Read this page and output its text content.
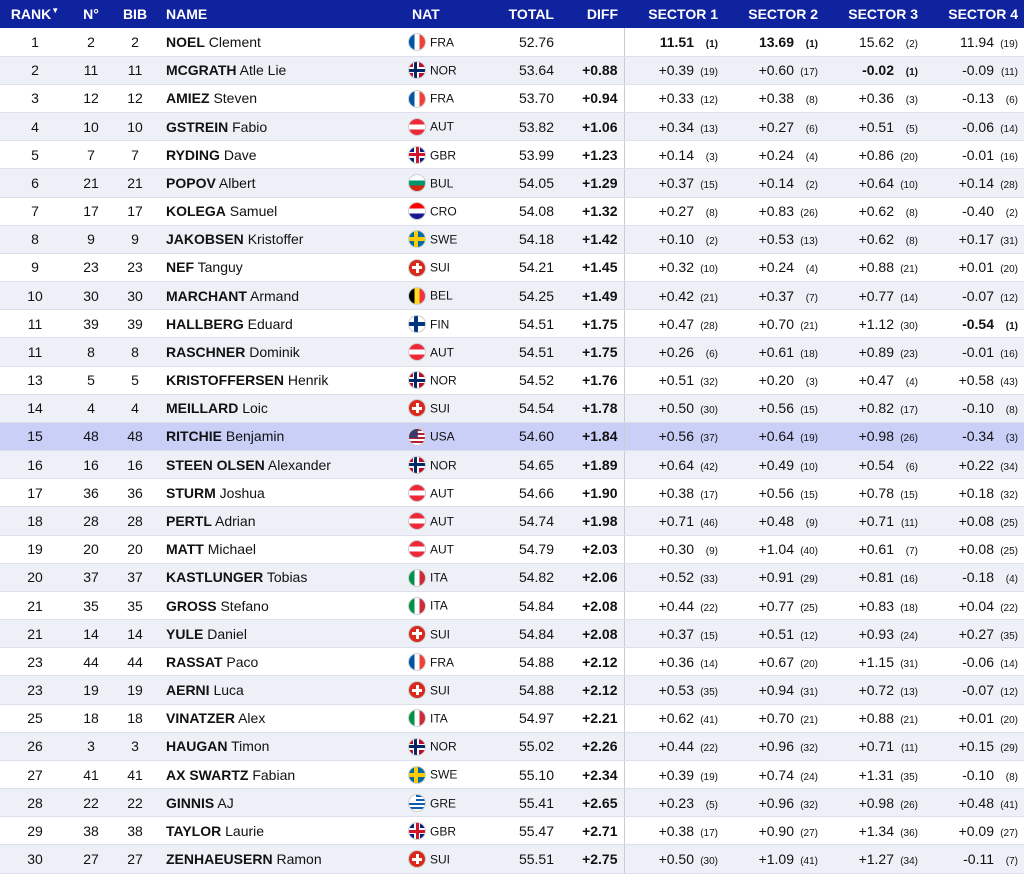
RANK▼	N°	BIB	NAME	NAT	TOTAL	DIFF	SECTOR 1	SECTOR 2	SECTOR 3	SECTOR 4
1	2	2	NOEL Clement	FRA	52.76		11.51 (1)	13.69 (1)	15.62 (2)	11.94 (19)
2	11	11	MCGRATH Atle Lie	NOR	53.64	+0.88	+0.39 (19)	+0.60 (17)	-0.02 (1)	-0.09 (11)
3	12	12	AMIEZ Steven	FRA	53.70	+0.94	+0.33 (12)	+0.38 (8)	+0.36 (3)	-0.13 (6)
4	10	10	GSTREIN Fabio	AUT	53.82	+1.06	+0.34 (13)	+0.27 (6)	+0.51 (5)	-0.06 (14)
5	7	7	RYDING Dave	GBR	53.99	+1.23	+0.14 (3)	+0.24 (4)	+0.86 (20)	-0.01 (16)
6	21	21	POPOV Albert	BUL	54.05	+1.29	+0.37 (15)	+0.14 (2)	+0.64 (10)	+0.14 (28)
7	17	17	KOLEGA Samuel	CRO	54.08	+1.32	+0.27 (8)	+0.83 (26)	+0.62 (8)	-0.40 (2)
8	9	9	JAKOBSEN Kristoffer	SWE	54.18	+1.42	+0.10 (2)	+0.53 (13)	+0.62 (8)	+0.17 (31)
9	23	23	NEF Tanguy	SUI	54.21	+1.45	+0.32 (10)	+0.24 (4)	+0.88 (21)	+0.01 (20)
10	30	30	MARCHANT Armand	BEL	54.25	+1.49	+0.42 (21)	+0.37 (7)	+0.77 (14)	-0.07 (12)
11	39	39	HALLBERG Eduard	FIN	54.51	+1.75	+0.47 (28)	+0.70 (21)	+1.12 (30)	-0.54 (1)
11	8	8	RASCHNER Dominik	AUT	54.51	+1.75	+0.26 (6)	+0.61 (18)	+0.89 (23)	-0.01 (16)
13	5	5	KRISTOFFERSEN Henrik	NOR	54.52	+1.76	+0.51 (32)	+0.20 (3)	+0.47 (4)	+0.58 (43)
14	4	4	MEILLARD Loic	SUI	54.54	+1.78	+0.50 (30)	+0.56 (15)	+0.82 (17)	-0.10 (8)
15	48	48	RITCHIE Benjamin	USA	54.60	+1.84	+0.56 (37)	+0.64 (19)	+0.98 (26)	-0.34 (3)
16	16	16	STEEN OLSEN Alexander	NOR	54.65	+1.89	+0.64 (42)	+0.49 (10)	+0.54 (6)	+0.22 (34)
17	36	36	STURM Joshua	AUT	54.66	+1.90	+0.38 (17)	+0.56 (15)	+0.78 (15)	+0.18 (32)
18	28	28	PERTL Adrian	AUT	54.74	+1.98	+0.71 (46)	+0.48 (9)	+0.71 (11)	+0.08 (25)
19	20	20	MATT Michael	AUT	54.79	+2.03	+0.30 (9)	+1.04 (40)	+0.61 (7)	+0.08 (25)
20	37	37	KASTLUNGER Tobias	ITA	54.82	+2.06	+0.52 (33)	+0.91 (29)	+0.81 (16)	-0.18 (4)
21	35	35	GROSS Stefano	ITA	54.84	+2.08	+0.44 (22)	+0.77 (25)	+0.83 (18)	+0.04 (22)
21	14	14	YULE Daniel	SUI	54.84	+2.08	+0.37 (15)	+0.51 (12)	+0.93 (24)	+0.27 (35)
23	44	44	RASSAT Paco	FRA	54.88	+2.12	+0.36 (14)	+0.67 (20)	+1.15 (31)	-0.06 (14)
23	19	19	AERNI Luca	SUI	54.88	+2.12	+0.53 (35)	+0.94 (31)	+0.72 (13)	-0.07 (12)
25	18	18	VINATZER Alex	ITA	54.97	+2.21	+0.62 (41)	+0.70 (21)	+0.88 (21)	+0.01 (20)
26	3	3	HAUGAN Timon	NOR	55.02	+2.26	+0.44 (22)	+0.96 (32)	+0.71 (11)	+0.15 (29)
27	41	41	AX SWARTZ Fabian	SWE	55.10	+2.34	+0.39 (19)	+0.74 (24)	+1.31 (35)	-0.10 (8)
28	22	22	GINNIS AJ	GRE	55.41	+2.65	+0.23 (5)	+0.96 (32)	+0.98 (26)	+0.48 (41)
29	38	38	TAYLOR Laurie	GBR	55.47	+2.71	+0.38 (17)	+0.90 (27)	+1.34 (36)	+0.09 (27)
30	27	27	ZENHAEUSERN Ramon	SUI	55.51	+2.75	+0.50 (30)	+1.09 (41)	+1.27 (34)	-0.11 (7)
